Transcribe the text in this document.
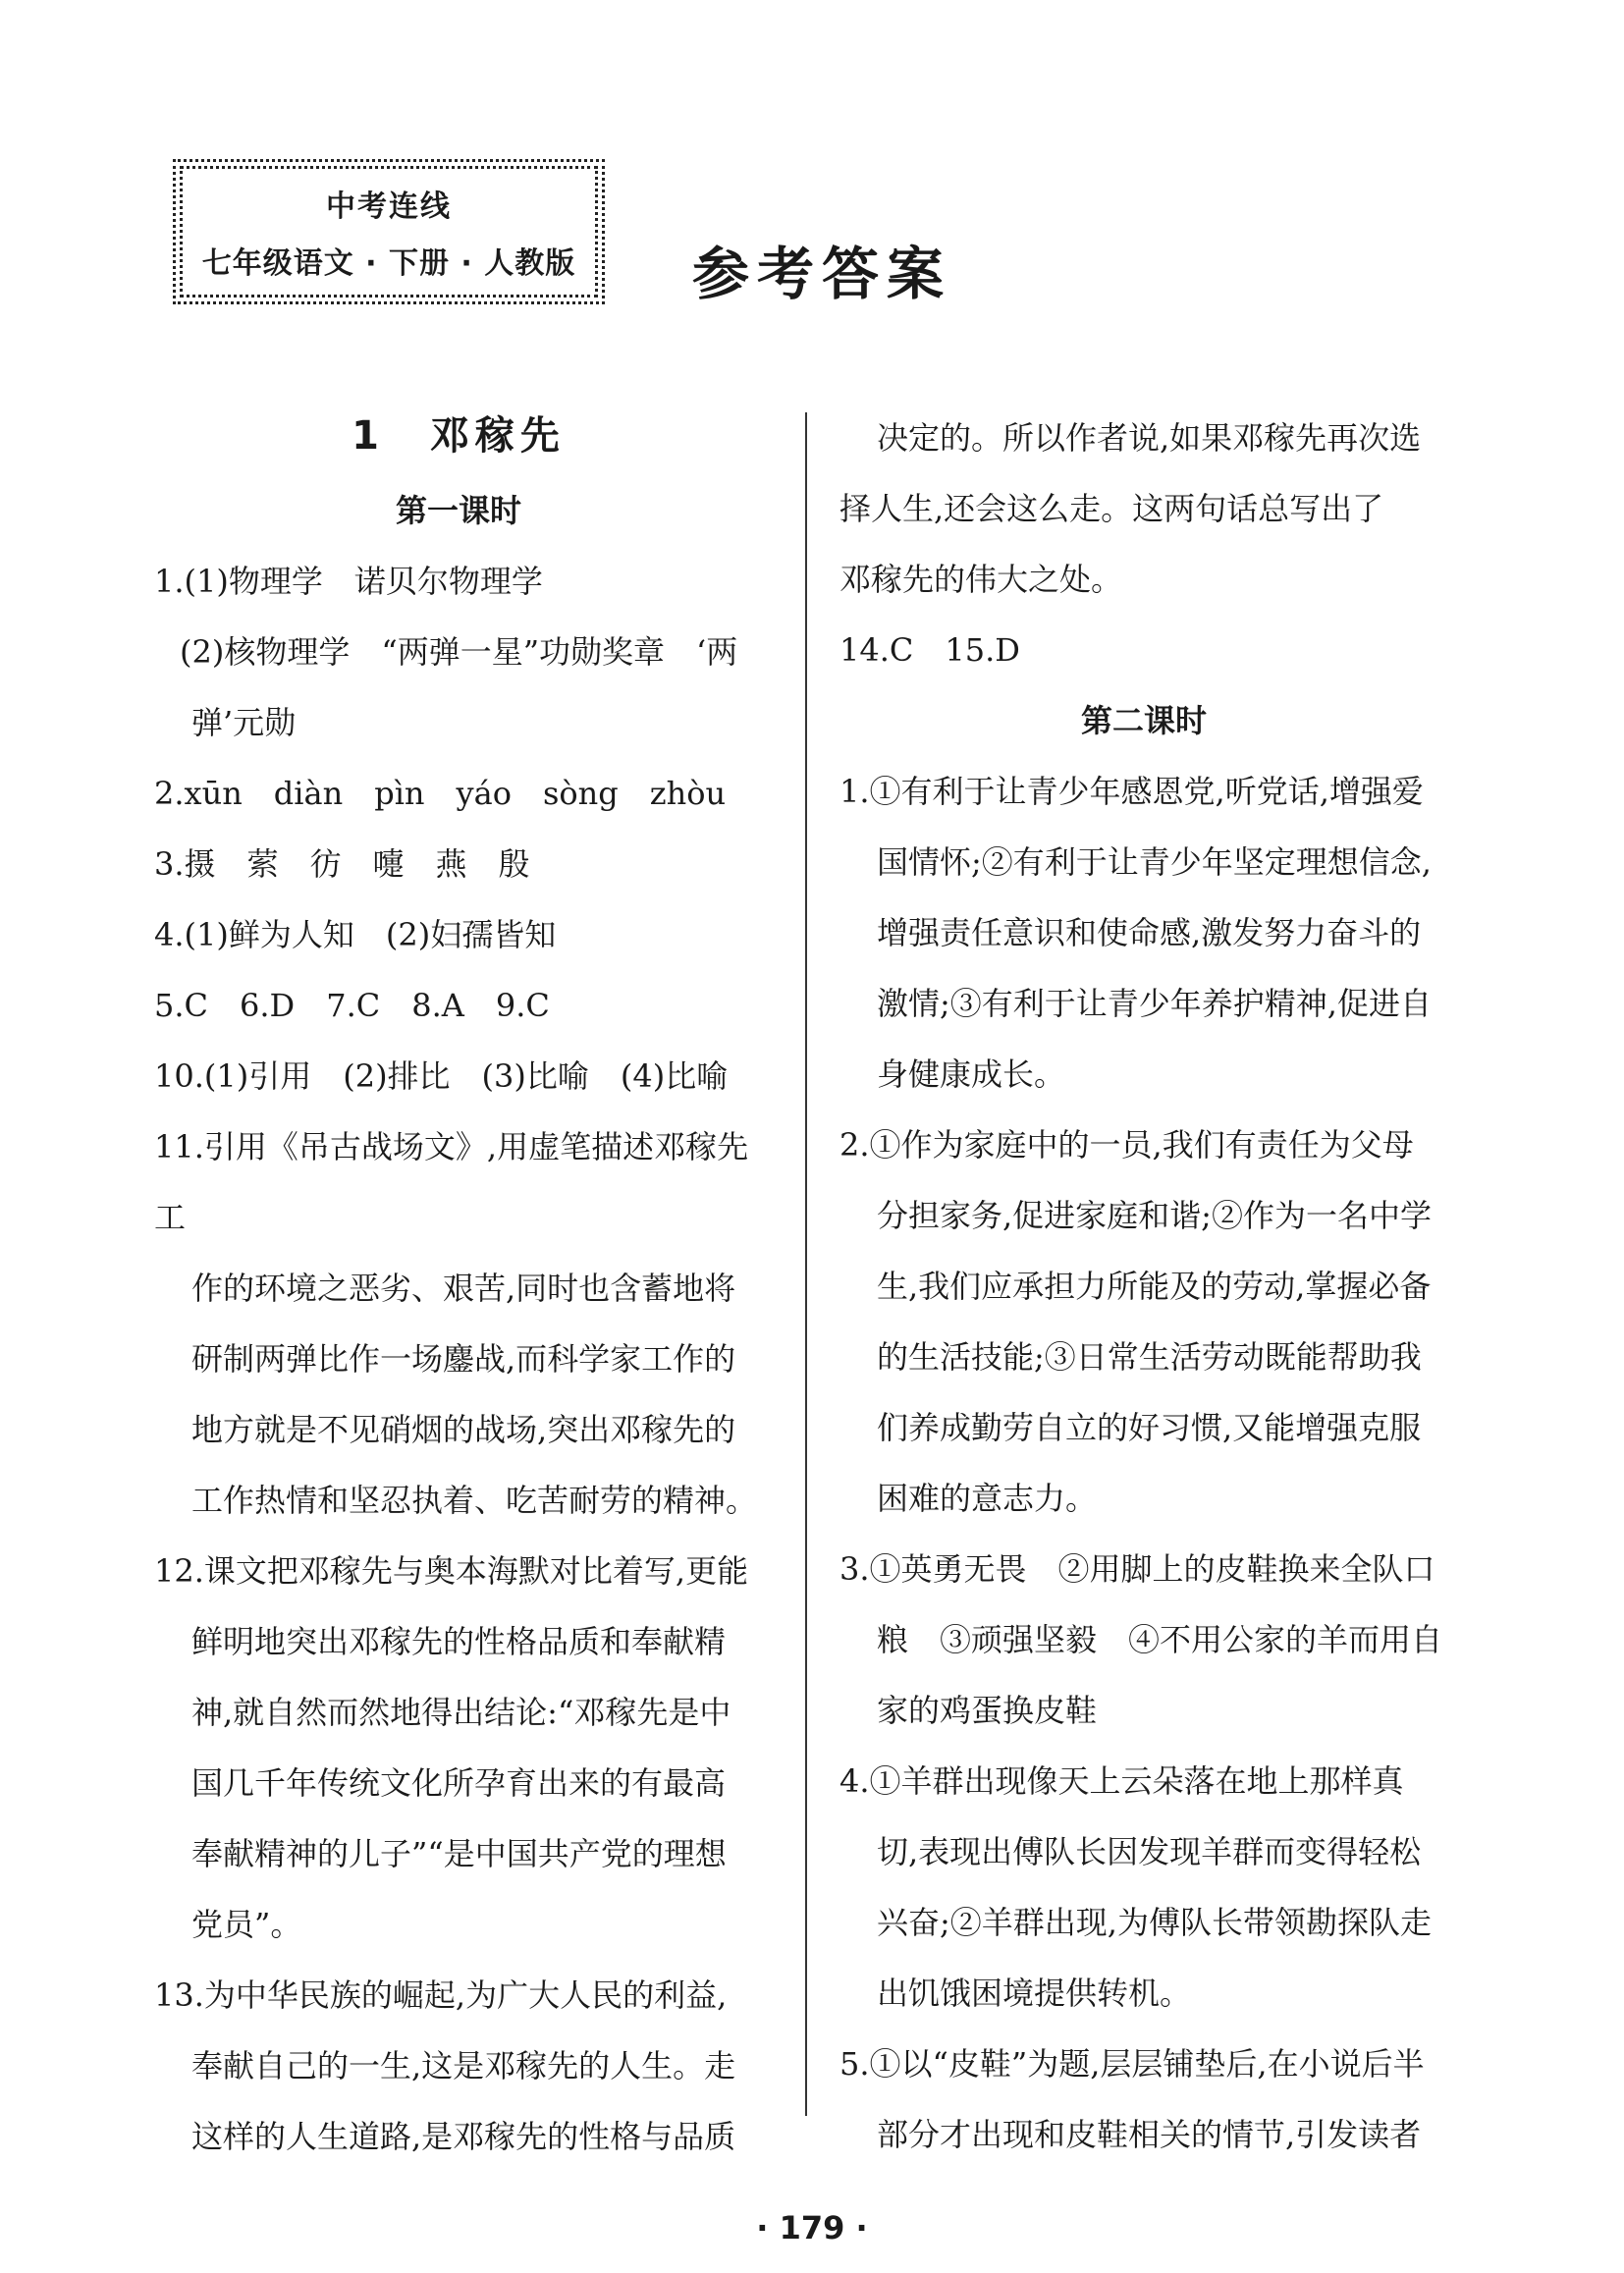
中考连线
七年级语文 · 下册 · 人教版 参考答案

1　邓稼先

第一课时

1.(1)物理学　诺贝尔物理学

(2)核物理学　“两弹一星”功勋奖章　‘两

弹’元勋

2.xūn　diàn　pìn　yáo　sòng　zhòu

3.摄　萦　彷　嚏　燕　殷

4.(1)鲜为人知　(2)妇孺皆知

5.C　6.D　7.C　8.A　9.C

10.(1)引用　(2)排比　(3)比喻　(4)比喻

11.引用《吊古战场文》,用虚笔描述邓稼先工

作的环境之恶劣、艰苦,同时也含蓄地将

研制两弹比作一场鏖战,而科学家工作的

地方就是不见硝烟的战场,突出邓稼先的

工作热情和坚忍执着、吃苦耐劳的精神。

12.课文把邓稼先与奥本海默对比着写,更能

鲜明地突出邓稼先的性格品质和奉献精

神,就自然而然地得出结论:“邓稼先是中

国几千年传统文化所孕育出来的有最高

奉献精神的儿子”“是中国共产党的理想

党员”。

13.为中华民族的崛起,为广大人民的利益,

奉献自己的一生,这是邓稼先的人生。走

这样的人生道路,是邓稼先的性格与品质

决定的。所以作者说,如果邓稼先再次选

择人生,还会这么走。这两句话总写出了

邓稼先的伟大之处。

14.C　15.D

第二课时

1.①有利于让青少年感恩党,听党话,增强爱

国情怀;②有利于让青少年坚定理想信念,

增强责任意识和使命感,激发努力奋斗的

激情;③有利于让青少年养护精神,促进自

身健康成长。

2.①作为家庭中的一员,我们有责任为父母

分担家务,促进家庭和谐;②作为一名中学

生,我们应承担力所能及的劳动,掌握必备

的生活技能;③日常生活劳动既能帮助我

们养成勤劳自立的好习惯,又能增强克服

困难的意志力。

3.①英勇无畏　②用脚上的皮鞋换来全队口

粮　③顽强坚毅　④不用公家的羊而用自

家的鸡蛋换皮鞋

4.①羊群出现像天上云朵落在地上那样真

切,表现出傅队长因发现羊群而变得轻松

兴奋;②羊群出现,为傅队长带领勘探队走

出饥饿困境提供转机。

5.①以“皮鞋”为题,层层铺垫后,在小说后半

部分才出现和皮鞋相关的情节,引发读者

· 179 ·
